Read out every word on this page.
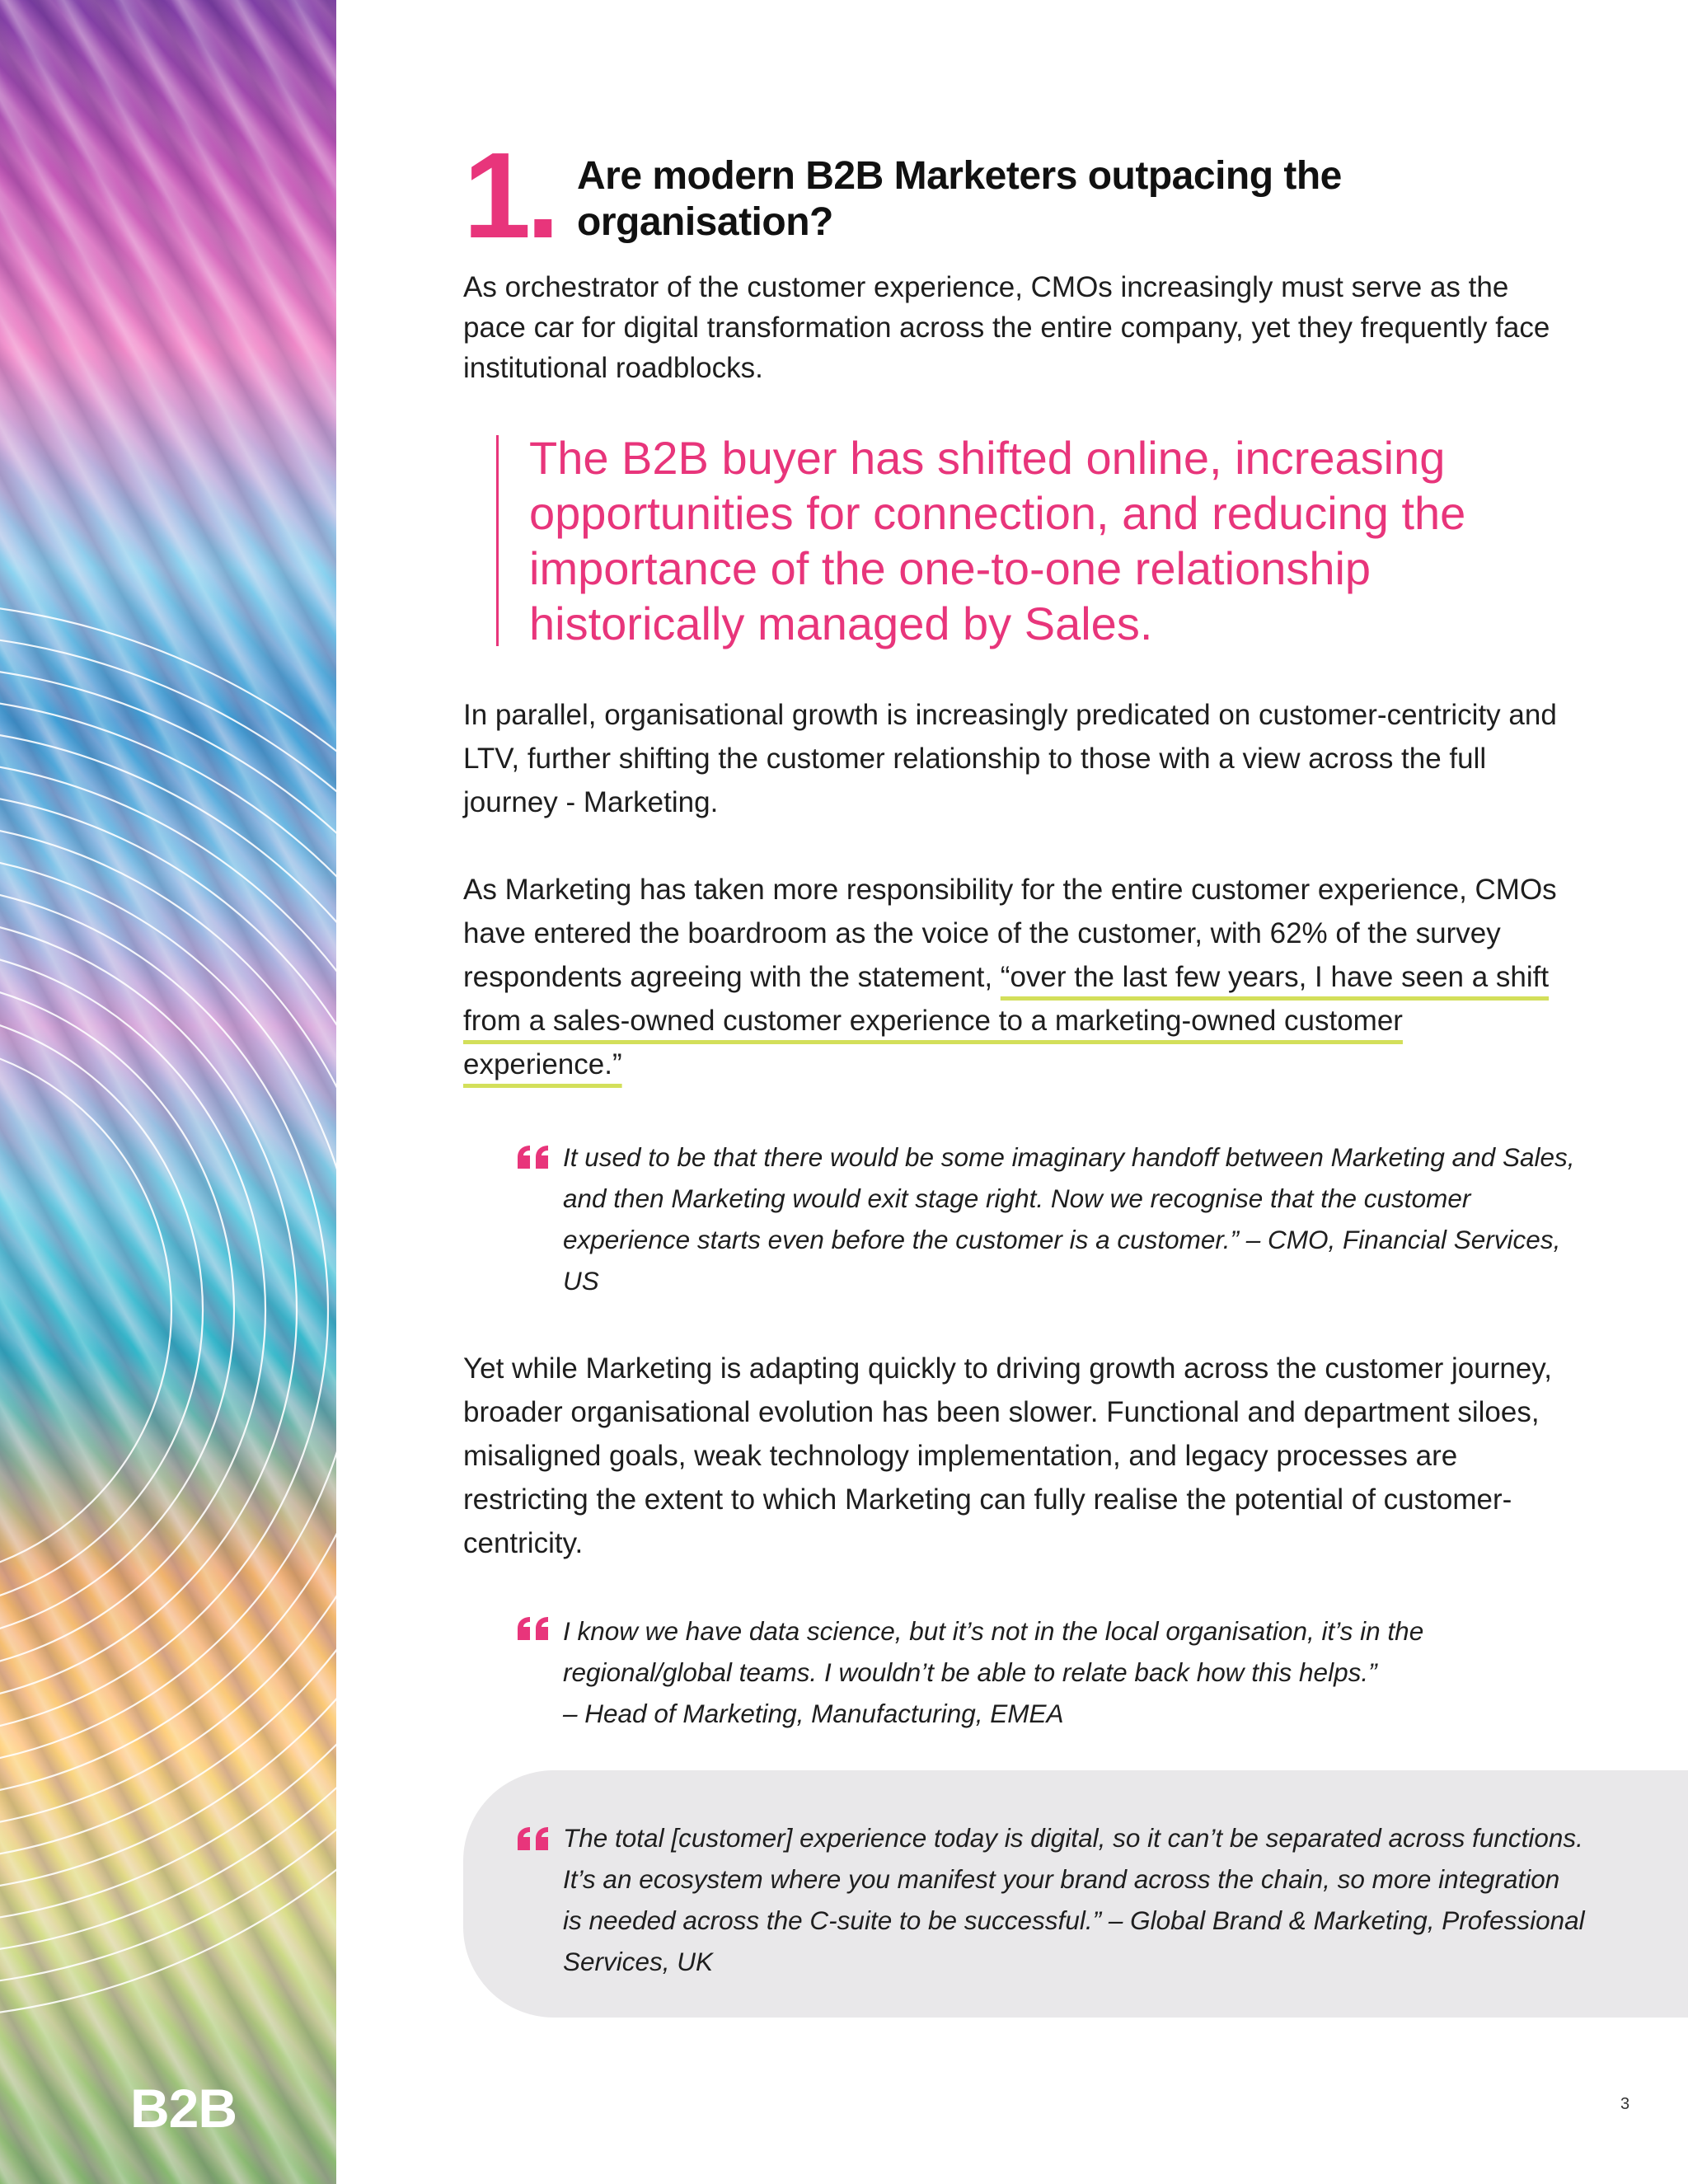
B2B
1. Are modern B2B Marketers outpacing the
organisation?

As orchestrator of the customer experience, CMOs increasingly must serve as the pace car for digital transformation across the entire company, yet they frequently face institutional roadblocks.

The B2B buyer has shifted online, increasing opportunities for connection, and reducing the importance of the one-to-one relationship historically managed by Sales.

In parallel, organisational growth is increasingly predicated on customer-centricity and LTV, further shifting the customer relationship to those with a view across the full journey - Marketing.

As Marketing has taken more responsibility for the entire customer experience, CMOs have entered the boardroom as the voice of the customer, with 62% of the survey respondents agreeing with the statement, “over the last few years, I have seen a shift from a sales-owned customer experience to a marketing-owned customer experience.”

It used to be that there would be some imaginary handoff between Marketing and Sales, and then Marketing would exit stage right. Now we recognise that the customer experience starts even before the customer is a customer.” – CMO, Financial Services, US

Yet while Marketing is adapting quickly to driving growth across the customer journey, broader organisational evolution has been slower. Functional and department siloes, misaligned goals, weak technology implementation, and legacy processes are restricting the extent to which Marketing can fully realise the potential of customer-centricity.

I know we have data science, but it’s not in the local organisation, it’s in the
regional/global teams. I wouldn’t be able to relate back how this helps.”
– Head of Marketing, Manufacturing, EMEA

The total [customer] experience today is digital, so it can’t be separated across functions. It’s an ecosystem where you manifest your brand across the chain, so more integration is needed across the C-suite to be successful.” – Global Brand & Marketing, Professional Services, UK

3
